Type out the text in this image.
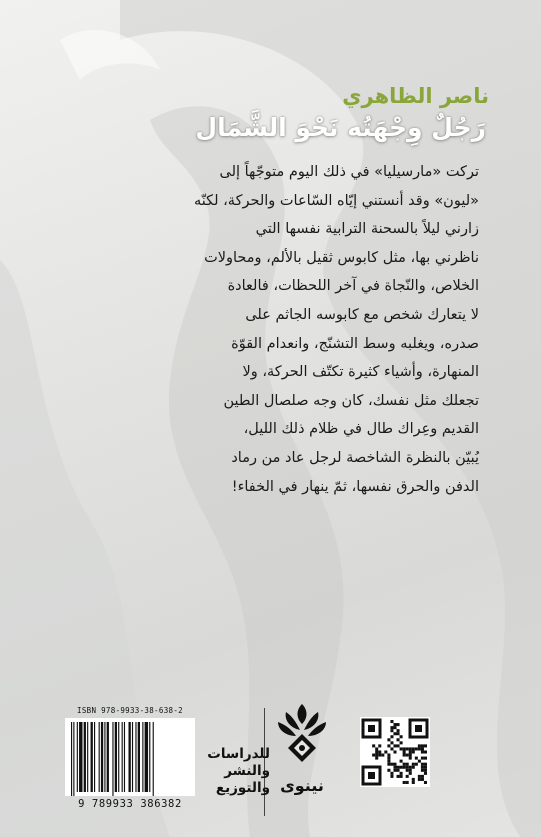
ناصر الظاهري
رَجُلٌ وِجْهَتُه نَحْوَ الشَّمَال

تركت «مارسيليا» في ذلك اليوم متوجّهاً إلى

«ليون» وقد أنستني إيّاه السّاعات والحركة، لكنّه

زارني ليلاً بالسحنة الترابية نفسها التي

ناظرني بها، مثل كابوس ثقيل بالألم، ومحاولات

الخلاص، والنّجاة في آخر اللحظات، فالعادة

لا يتعارك شخص مع كابوسه الجاثم على

صدره، ويغلبه وسط التشنّج، وانعدام القوّة

المنهارة، وأشياء كثيرة تكتّف الحركة، ولا

تجعلك مثل نفسك، كان وجه صلصال الطين

القديم وعِراك طال في ظلام ذلك الليل،

يُبيّن بالنظرة الشاخصة لرجل عاد من رماد

الدفن والحرق نفسها، ثمّ ينهار في الخفاء!

نينوى
للدراسات
والنشر
والتوزيع
ISBN 978-9933-38-638-2
9 789933 386382
